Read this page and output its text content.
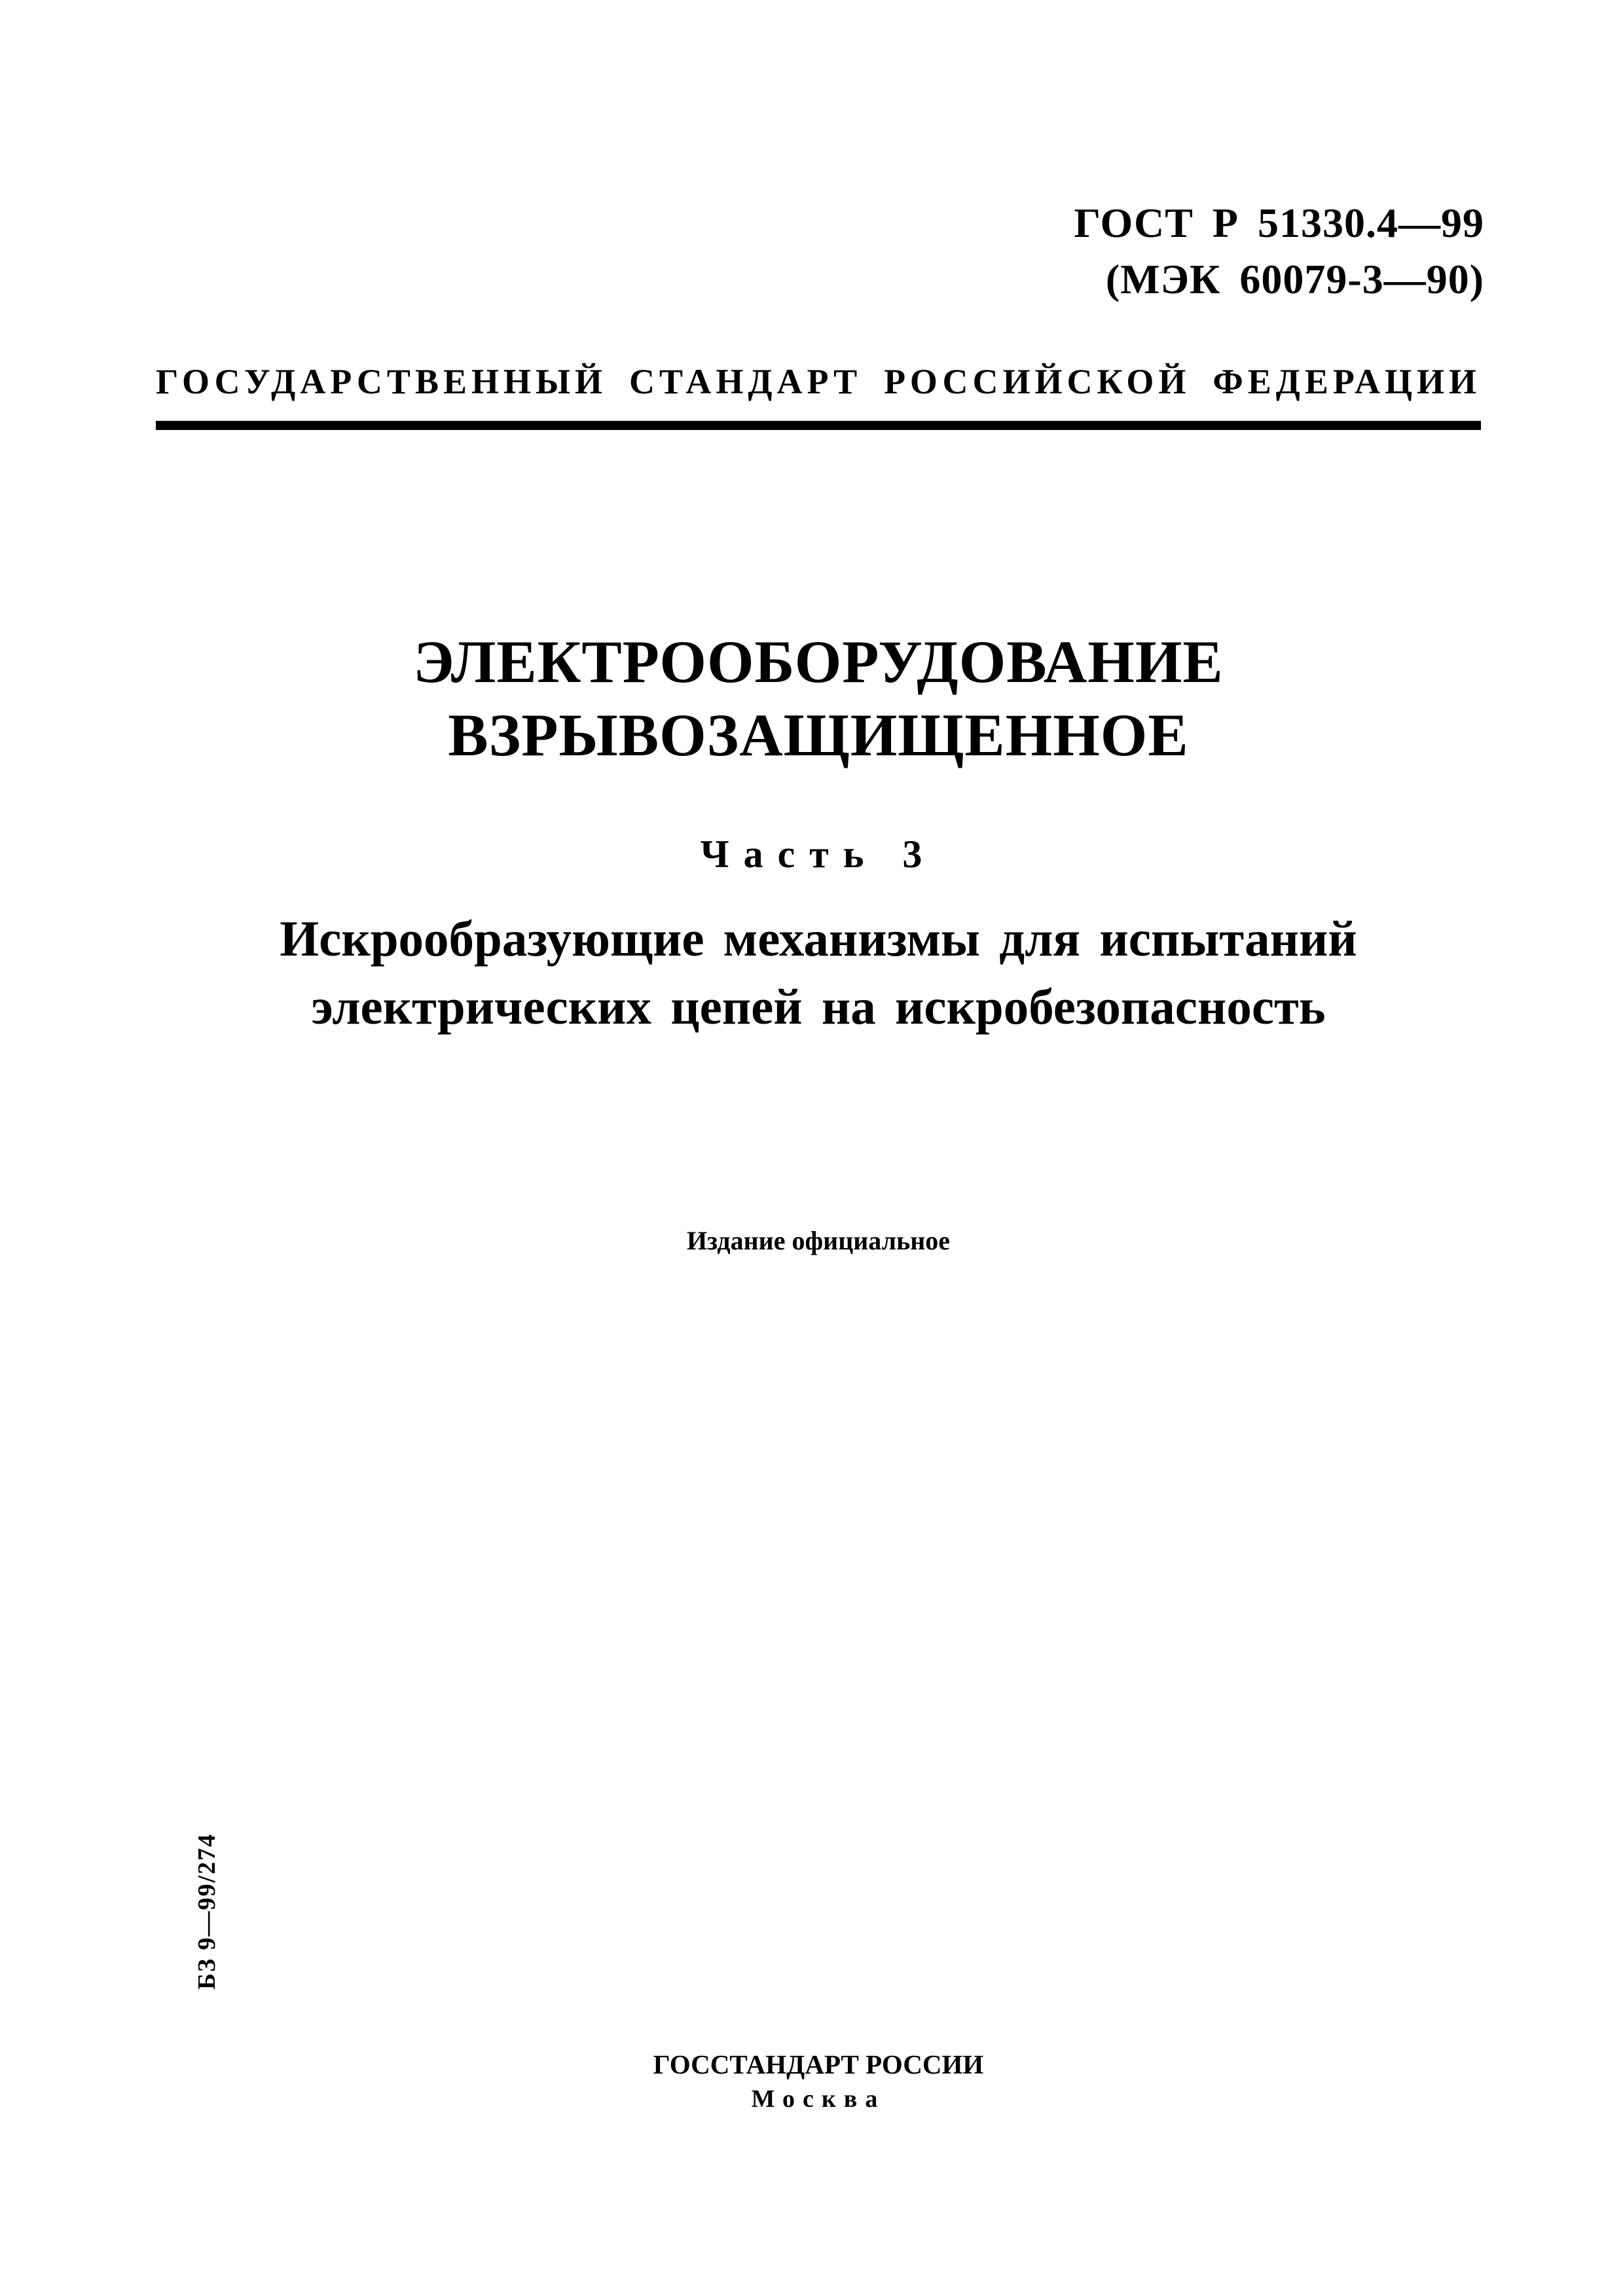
ГОСТ Р 51330.4—99
(МЭК 60079-3—90)
ГОСУДАРСТВЕННЫЙ СТАНДАРТ РОССИЙСКОЙ ФЕДЕРАЦИИ
ЭЛЕКТРООБОРУДОВАНИЕ
ВЗРЫВОЗАЩИЩЕННОЕ
Часть 3
Искрообразующие механизмы для испытаний
электрических цепей на искробезопасность
Издание официальное
БЗ 9—99/274
ГОССТАНДАРТ РОССИИ
Москва
